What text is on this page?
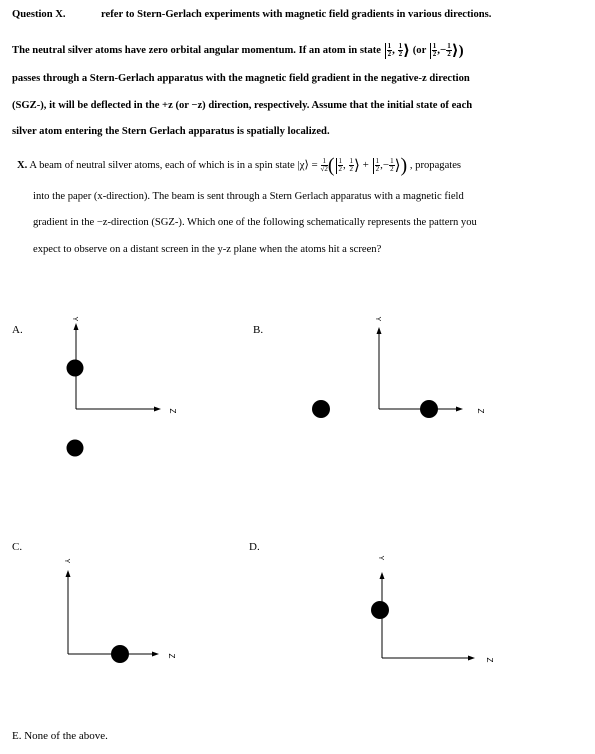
Question X.	refer to Stern-Gerlach experiments with magnetic field gradients in various directions.
The neutral silver atoms have zero orbital angular momentum. If an atom in state $\frac{1}{2}$ , $\frac{1}{2}$ ⟩ ($or \frac{1}{2}$ ,− $\frac{1}{2}$ ⟩)
passes through a Stern-Gerlach apparatus with the magnetic field gradient in the negative-z direction
(SGZ-), it will be deflected in the +z (or −z) direction, respectively. Assume that the initial state of each
silver atom entering the Stern Gerlach apparatus is spatially localized.
X. A beam of neutral silver atoms, each of which is in a spin state |χ⟩ = $\frac{1}{√2}$ ( $\frac{1}{2}$ , $\frac{1}{2}$ ⟩ + $\frac{1}{2}$ ,− $\frac{1}{2}$ ⟩) , propagates
into the paper (x-direction). The beam is sent through a Stern Gerlach apparatus with a magnetic field
gradient in the −z-direction (SGZ-). Which one of the following schematically represents the pattern you
expect to observe on a distant screen in the y-z plane when the atoms hit a screen?
A.	B.
C.	D.
E. None of the above.
Y
Z
Y
Z
Y
Z
Y
Z
